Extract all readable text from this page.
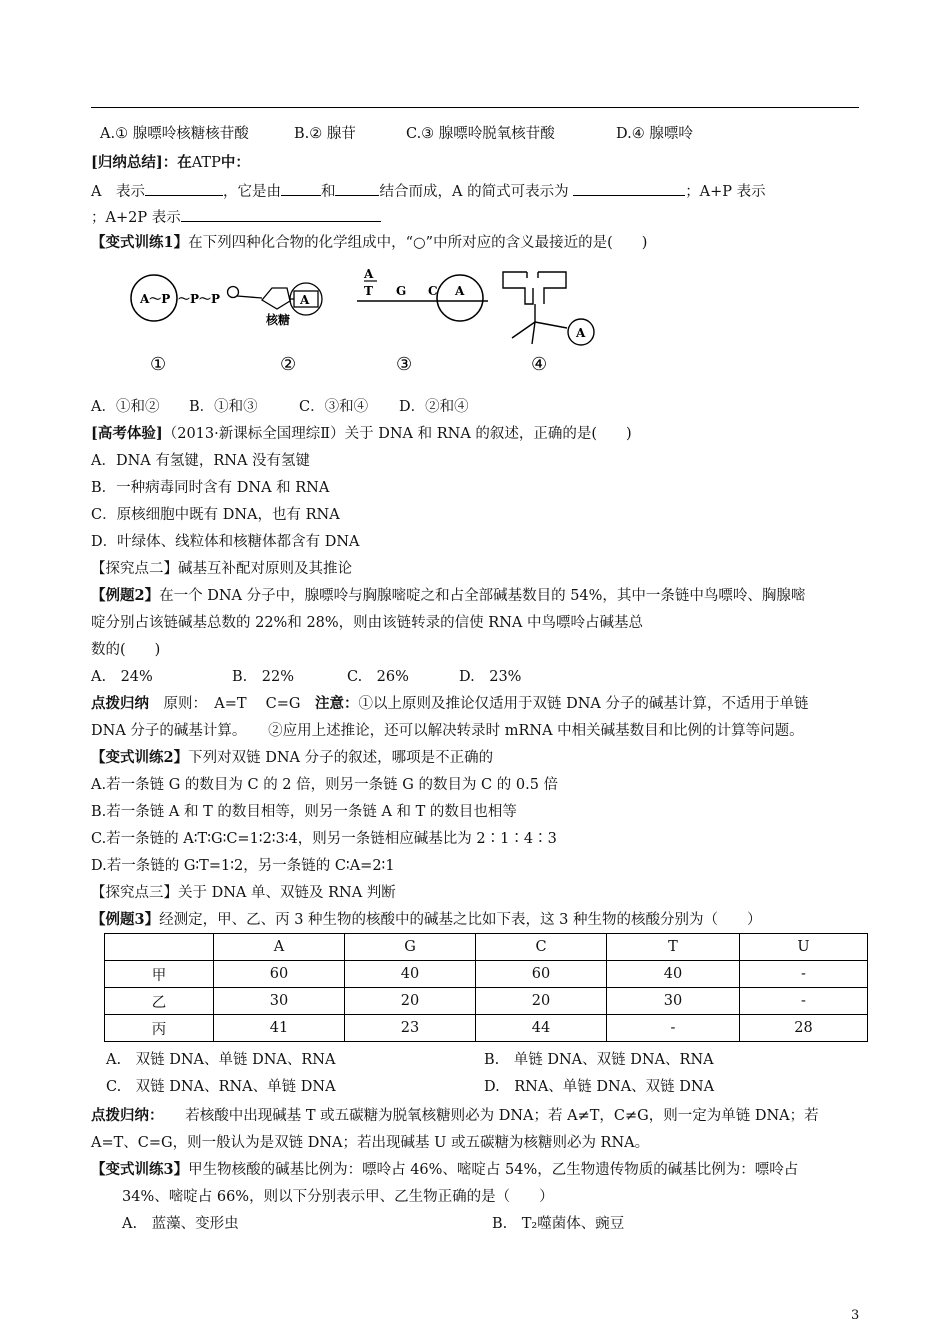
A.① 腺嘌呤核糖核苷酸	B.② 腺苷	C.③ 腺嘌呤脱氧核苷酸	D.④ 腺嘌呤
[归纳总结]：在ATP中：
A　表示	，它是由	和	结合而成，A 的简式可表示为	；A+P 表示
；A+2P 表示
【变式训练1】在下列四种化合物的化学组成中，“○”中所对应的含义最接近的是(　　)
A～P ～P～P	A
核糖
A
T G C A
A
①	②	③	④
A．①和② B．①和③	C．③和④ D．②和④
[高考体验]（2013·新课标全国理综Ⅱ）关于 DNA 和 RNA 的叙述，正确的是(　　)
A．DNA 有氢键，RNA 没有氢键
B．一种病毒同时含有 DNA 和 RNA
C．原核细胞中既有 DNA，也有 RNA
D．叶绿体、线粒体和核糖体都含有 DNA
【探究点二】碱基互补配对原则及其推论
【例题2】在一个 DNA 分子中，腺嘌呤与胸腺嘧啶之和占全部碱基数目的 54%，其中一条链中鸟嘌呤、胸腺嘧
啶分别占该链碱基总数的 22%和 28%，则由该链转录的信使 RNA 中鸟嘌呤占碱基总
数的(　　)
A.　24%	B.　22%	C.　26%	D.　23%
点拨归纳　原则：　A=T　 C=G　注意：①以上原则及推论仅适用于双链 DNA 分子的碱基计算，不适用于单链
DNA 分子的碱基计算。　　②应用上述推论，还可以解决转录时 mRNA 中相关碱基数目和比例的计算等问题。
【变式训练2】下列对双链 DNA 分子的叙述，哪项是不正确的
A.若一条链 G 的数目为 C 的 2 倍，则另一条链 G 的数目为 C 的 0.5 倍
B.若一条链 A 和 T 的数目相等，则另一条链 A 和 T 的数目也相等
C.若一条链的 A∶T∶G∶C=1∶2∶3∶4，则另一条链相应碱基比为 2∶1∶4∶3
D.若一条链的 G∶T=1∶2，另一条链的 C∶A=2∶1
【探究点三】关于 DNA 单、双链及 RNA 判断
【例题3】经测定，甲、乙、丙 3 种生物的核酸中的碱基之比如下表，这 3 种生物的核酸分别为（　　）
	A	G	C	T	U
甲	60	40	60	40	-
乙	30	20	20	30	-
丙	41	23	44	-	28
A.　双链 DNA、单链 DNA、RNA	B.　单链 DNA、双链 DNA、RNA
C.　双链 DNA、RNA、单链 DNA	D.　RNA、单链 DNA、双链 DNA
点拨归纳：　　若核酸中出现碱基 T 或五碳糖为脱氧核糖则必为 DNA；若 A≠T，C≠G，则一定为单链 DNA；若
A=T、C=G，则一般认为是双链 DNA；若出现碱基 U 或五碳糖为核糖则必为 RNA。
【变式训练3】甲生物核酸的碱基比例为：嘌呤占 46%、嘧啶占 54%，乙生物遗传物质的碱基比例为：嘌呤占
34%、嘧啶占 66%，则以下分别表示甲、乙生物正确的是（　　）
A.　蓝藻、变形虫	B.　T₂噬菌体、豌豆
3
